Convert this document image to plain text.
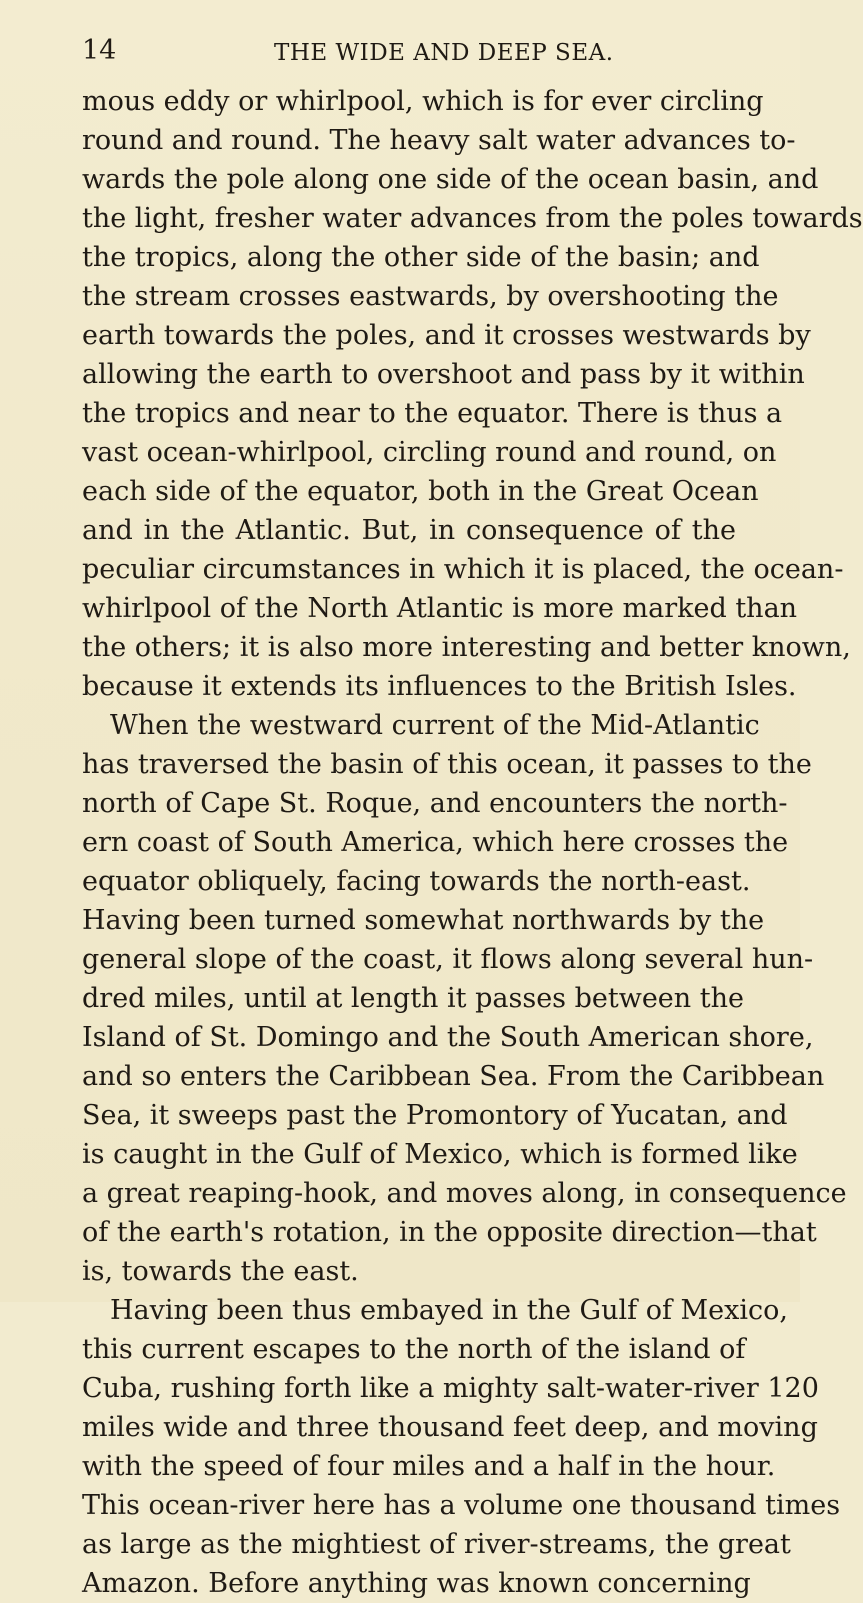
14	THE WIDE AND DEEP SEA.
mous eddy or whirlpool, which is for ever circling
round and round. The heavy salt water advances to-
wards the pole along one side of the ocean basin, and
the light, fresher water advances from the poles towards
the tropics, along the other side of the basin; and
the stream crosses eastwards, by overshooting the
earth towards the poles, and it crosses westwards by
allowing the earth to overshoot and pass by it within
the tropics and near to the equator. There is thus a
vast ocean-whirlpool, circling round and round, on
each side of the equator, both in the Great Ocean
and in the Atlantic. But, in consequence of the
peculiar circumstances in which it is placed, the ocean-
whirlpool of the North Atlantic is more marked than
the others; it is also more interesting and better known,
because it extends its influences to the British Isles.
When the westward current of the Mid-Atlantic
has traversed the basin of this ocean, it passes to the
north of Cape St. Roque, and encounters the north-
ern coast of South America, which here crosses the
equator obliquely, facing towards the north-east.
Having been turned somewhat northwards by the
general slope of the coast, it flows along several hun-
dred miles, until at length it passes between the
Island of St. Domingo and the South American shore,
and so enters the Caribbean Sea. From the Caribbean
Sea, it sweeps past the Promontory of Yucatan, and
is caught in the Gulf of Mexico, which is formed like
a great reaping-hook, and moves along, in consequence
of the earth's rotation, in the opposite direction—that
is, towards the east.
Having been thus embayed in the Gulf of Mexico,
this current escapes to the north of the island of
Cuba, rushing forth like a mighty salt-water-river 120
miles wide and three thousand feet deep, and moving
with the speed of four miles and a half in the hour.
This ocean-river here has a volume one thousand times
as large as the mightiest of river-streams, the great
Amazon. Before anything was known concerning
